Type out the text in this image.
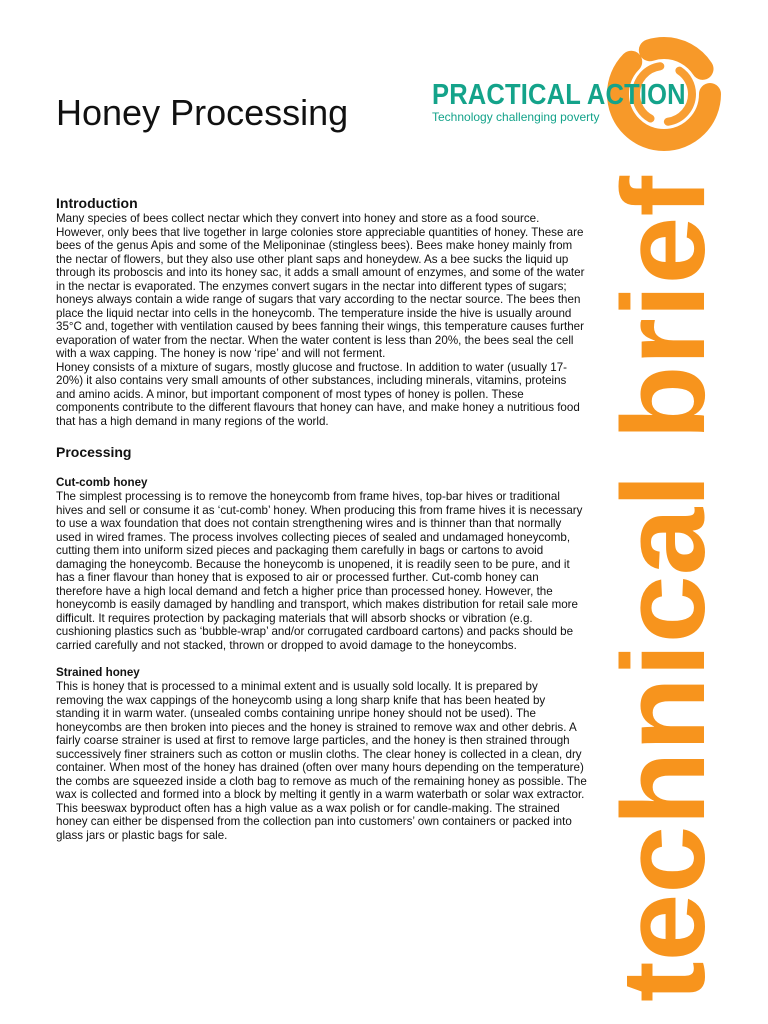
Honey Processing	PRACTICAL ACTION
Technology challenging poverty
technical brief
Introduction

Many species of bees collect nectar which they convert into honey and store as a food source. However, only bees that live together in large colonies store appreciable quantities of honey. These are bees of the genus Apis and some of the Meliponinae (stingless bees). Bees make honey mainly from the nectar of flowers, but they also use other plant saps and honeydew. As a bee sucks the liquid up through its proboscis and into its honey sac, it adds a small amount of enzymes, and some of the water in the nectar is evaporated. The enzymes convert sugars in the nectar into different types of sugars; honeys always contain a wide range of sugars that vary according to the nectar source. The bees then place the liquid nectar into cells in the honeycomb. The temperature inside the hive is usually around 35°C and, together with ventilation caused by bees fanning their wings, this temperature causes further evaporation of water from the nectar. When the water content is less than 20%, the bees seal the cell with a wax capping. The honey is now ‘ripe’ and will not ferment.

Honey consists of a mixture of sugars, mostly glucose and fructose. In addition to water (usually 17-20%) it also contains very small amounts of other substances, including minerals, vitamins, proteins and amino acids. A minor, but important component of most types of honey is pollen. These components contribute to the different flavours that honey can have, and make honey a nutritious food that has a high demand in many regions of the world.

Processing
Cut-comb honey

The simplest processing is to remove the honeycomb from frame hives, top-bar hives or traditional hives and sell or consume it as ‘cut-comb’ honey. When producing this from frame hives it is necessary to use a wax foundation that does not contain strengthening wires and is thinner than that normally used in wired frames. The process involves collecting pieces of sealed and undamaged honeycomb, cutting them into uniform sized pieces and packaging them carefully in bags or cartons to avoid damaging the honeycomb. Because the honeycomb is unopened, it is readily seen to be pure, and it has a finer flavour than honey that is exposed to air or processed further. Cut-comb honey can therefore have a high local demand and fetch a higher price than processed honey. However, the honeycomb is easily damaged by handling and transport, which makes distribution for retail sale more difficult. It requires protection by packaging materials that will absorb shocks or vibration (e.g. cushioning plastics such as ‘bubble-wrap’ and/or corrugated cardboard cartons) and packs should be carried carefully and not stacked, thrown or dropped to avoid damage to the honeycombs.

Strained honey

This is honey that is processed to a minimal extent and is usually sold locally. It is prepared by removing the wax cappings of the honeycomb using a long sharp knife that has been heated by standing it in warm water. (unsealed combs containing unripe honey should not be used). The honeycombs are then broken into pieces and the honey is strained to remove wax and other debris. A fairly coarse strainer is used at first to remove large particles, and the honey is then strained through successively finer strainers such as cotton or muslin cloths. The clear honey is collected in a clean, dry container. When most of the honey has drained (often over many hours depending on the temperature) the combs are squeezed inside a cloth bag to remove as much of the remaining honey as possible. The wax is collected and formed into a block by melting it gently in a warm waterbath or solar wax extractor. This beeswax byproduct often has a high value as a wax polish or for candle-making. The strained honey can either be dispensed from the collection pan into customers’ own containers or packed into glass jars or plastic bags for sale.
